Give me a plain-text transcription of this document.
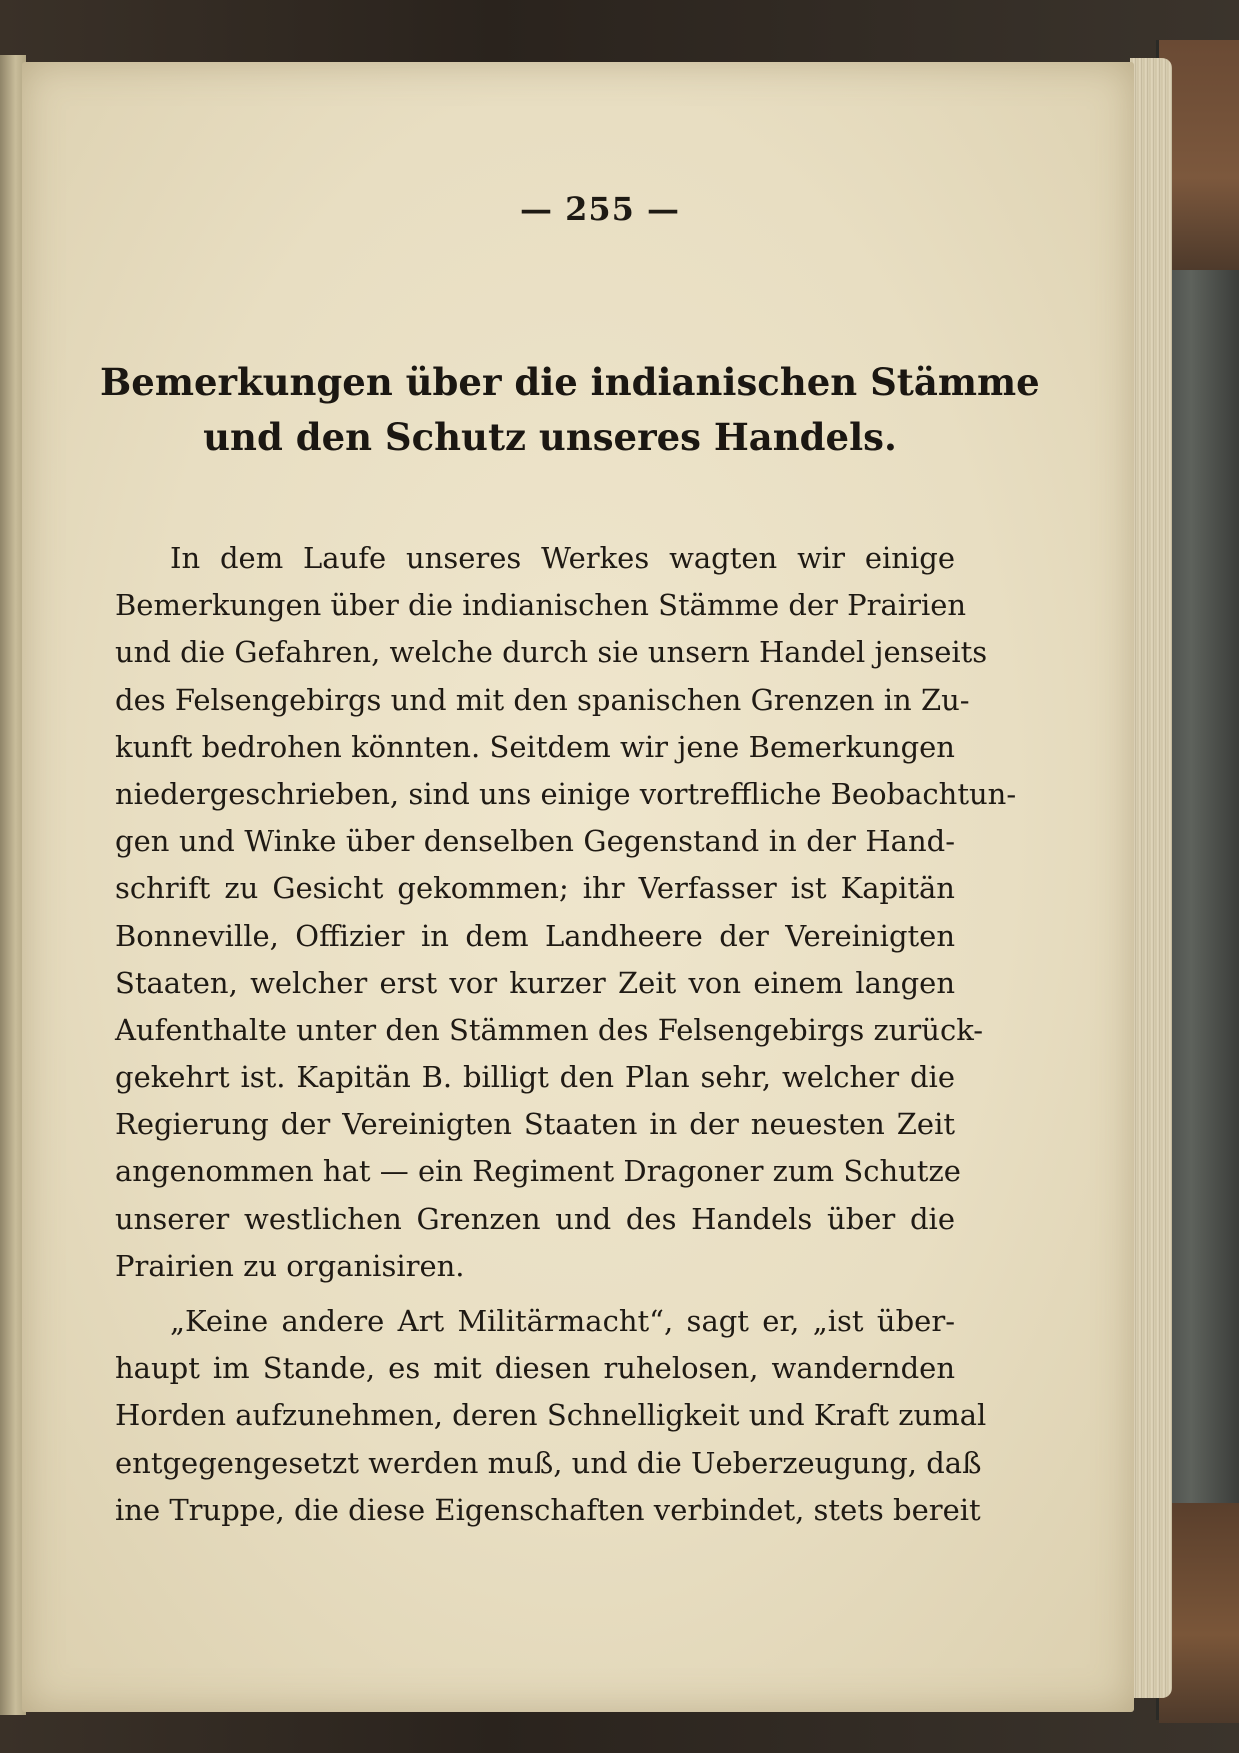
— 255 —
Bemerkungen über die indianischen Stämme
und den Schutz unseres Handels.
In dem Laufe unseres Werkes wagten wir einige
Bemerkungen über die indianischen Stämme der Prairien
und die Gefahren, welche durch sie unsern Handel jenseits
des Felsengebirgs und mit den spanischen Grenzen in Zu-
kunft bedrohen könnten. Seitdem wir jene Bemerkungen
niedergeschrieben, sind uns einige vortreffliche Beobachtun-
gen und Winke über denselben Gegenstand in der Hand-
schrift zu Gesicht gekommen; ihr Verfasser ist Kapitän
Bonneville, Offizier in dem Landheere der Vereinigten
Staaten, welcher erst vor kurzer Zeit von einem langen
Aufenthalte unter den Stämmen des Felsengebirgs zurück-
gekehrt ist. Kapitän B. billigt den Plan sehr, welcher die
Regierung der Vereinigten Staaten in der neuesten Zeit
angenommen hat — ein Regiment Dragoner zum Schutze
unserer westlichen Grenzen und des Handels über die
Prairien zu organisiren.
„Keine andere Art Militärmacht“, sagt er, „ist über-
haupt im Stande, es mit diesen ruhelosen, wandernden
Horden aufzunehmen, deren Schnelligkeit und Kraft zumal
entgegengesetzt werden muß, und die Ueberzeugung, daß
ine Truppe, die diese Eigenschaften verbindet, stets bereit
